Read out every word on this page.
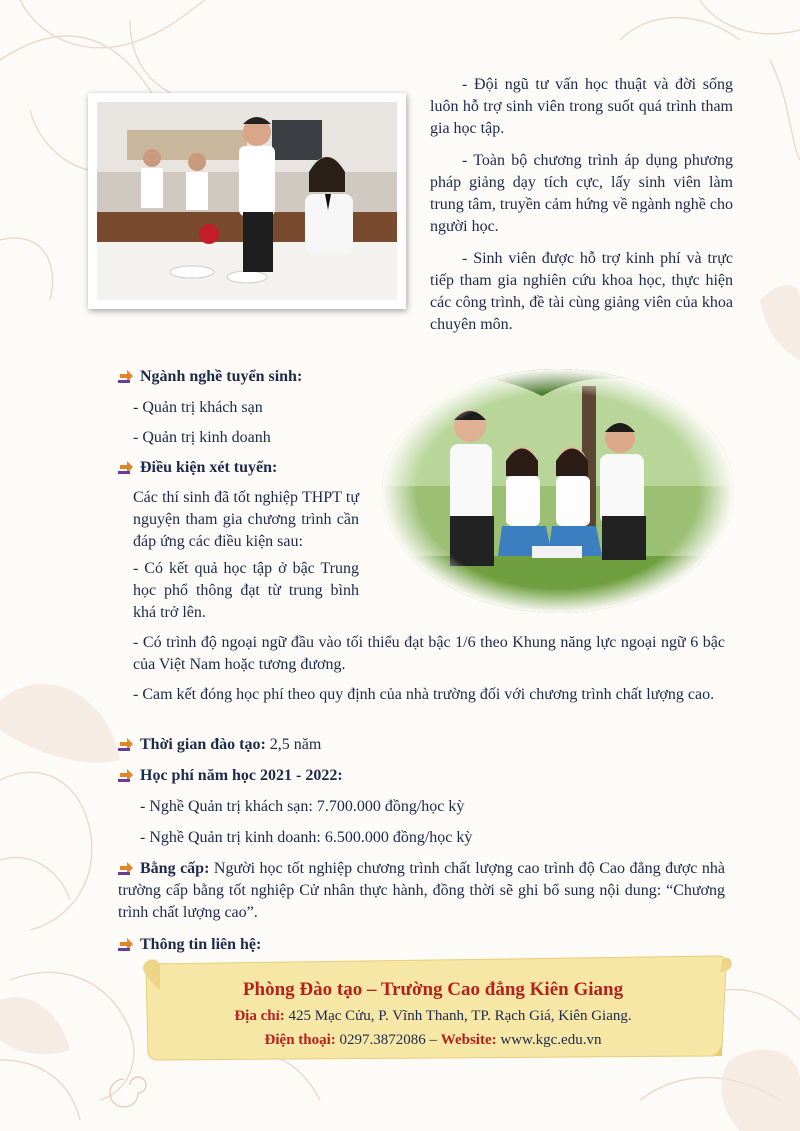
- Đội ngũ tư vấn học thuật và đời sống luôn hỗ trợ sinh viên trong suốt quá trình tham gia học tập.

- Toàn bộ chương trình áp dụng phương pháp giảng dạy tích cực, lấy sinh viên làm trung tâm, truyền cảm hứng về ngành nghề cho người học.

- Sinh viên được hỗ trợ kinh phí và trực tiếp tham gia nghiên cứu khoa học, thực hiện các công trình, đề tài cùng giảng viên của khoa chuyên môn.

Ngành nghề tuyển sinh:
- Quản trị khách sạn
- Quản trị kinh doanh
Điều kiện xét tuyển:
Các thí sinh đã tốt nghiệp THPT tự nguyện tham gia chương trình cần đáp ứng các điều kiện sau:
- Có kết quả học tập ở bậc Trung học phổ thông đạt từ trung bình khá trở lên.
- Có trình độ ngoại ngữ đầu vào tối thiểu đạt bậc 1/6 theo Khung năng lực ngoại ngữ 6 bậc của Việt Nam hoặc tương đương.
- Cam kết đóng học phí theo quy định của nhà trường đối với chương trình chất lượng cao.
Thời gian đào tạo: 2,5 năm
Học phí năm học 2021 - 2022:
- Nghề Quản trị khách sạn: 7.700.000 đồng/học kỳ
- Nghề Quản trị kinh doanh: 6.500.000 đồng/học kỳ
Bằng cấp: Người học tốt nghiệp chương trình chất lượng cao trình độ Cao đẳng được nhà trường cấp bằng tốt nghiệp Cử nhân thực hành, đồng thời sẽ ghi bổ sung nội dung: “Chương trình chất lượng cao”.
Thông tin liên hệ:
Phòng Đào tạo – Trường Cao đẳng Kiên Giang
Địa chỉ: 425 Mạc Cửu, P. Vĩnh Thanh, TP. Rạch Giá, Kiên Giang.
Điện thoại: 0297.3872086 – Website: www.kgc.edu.vn
